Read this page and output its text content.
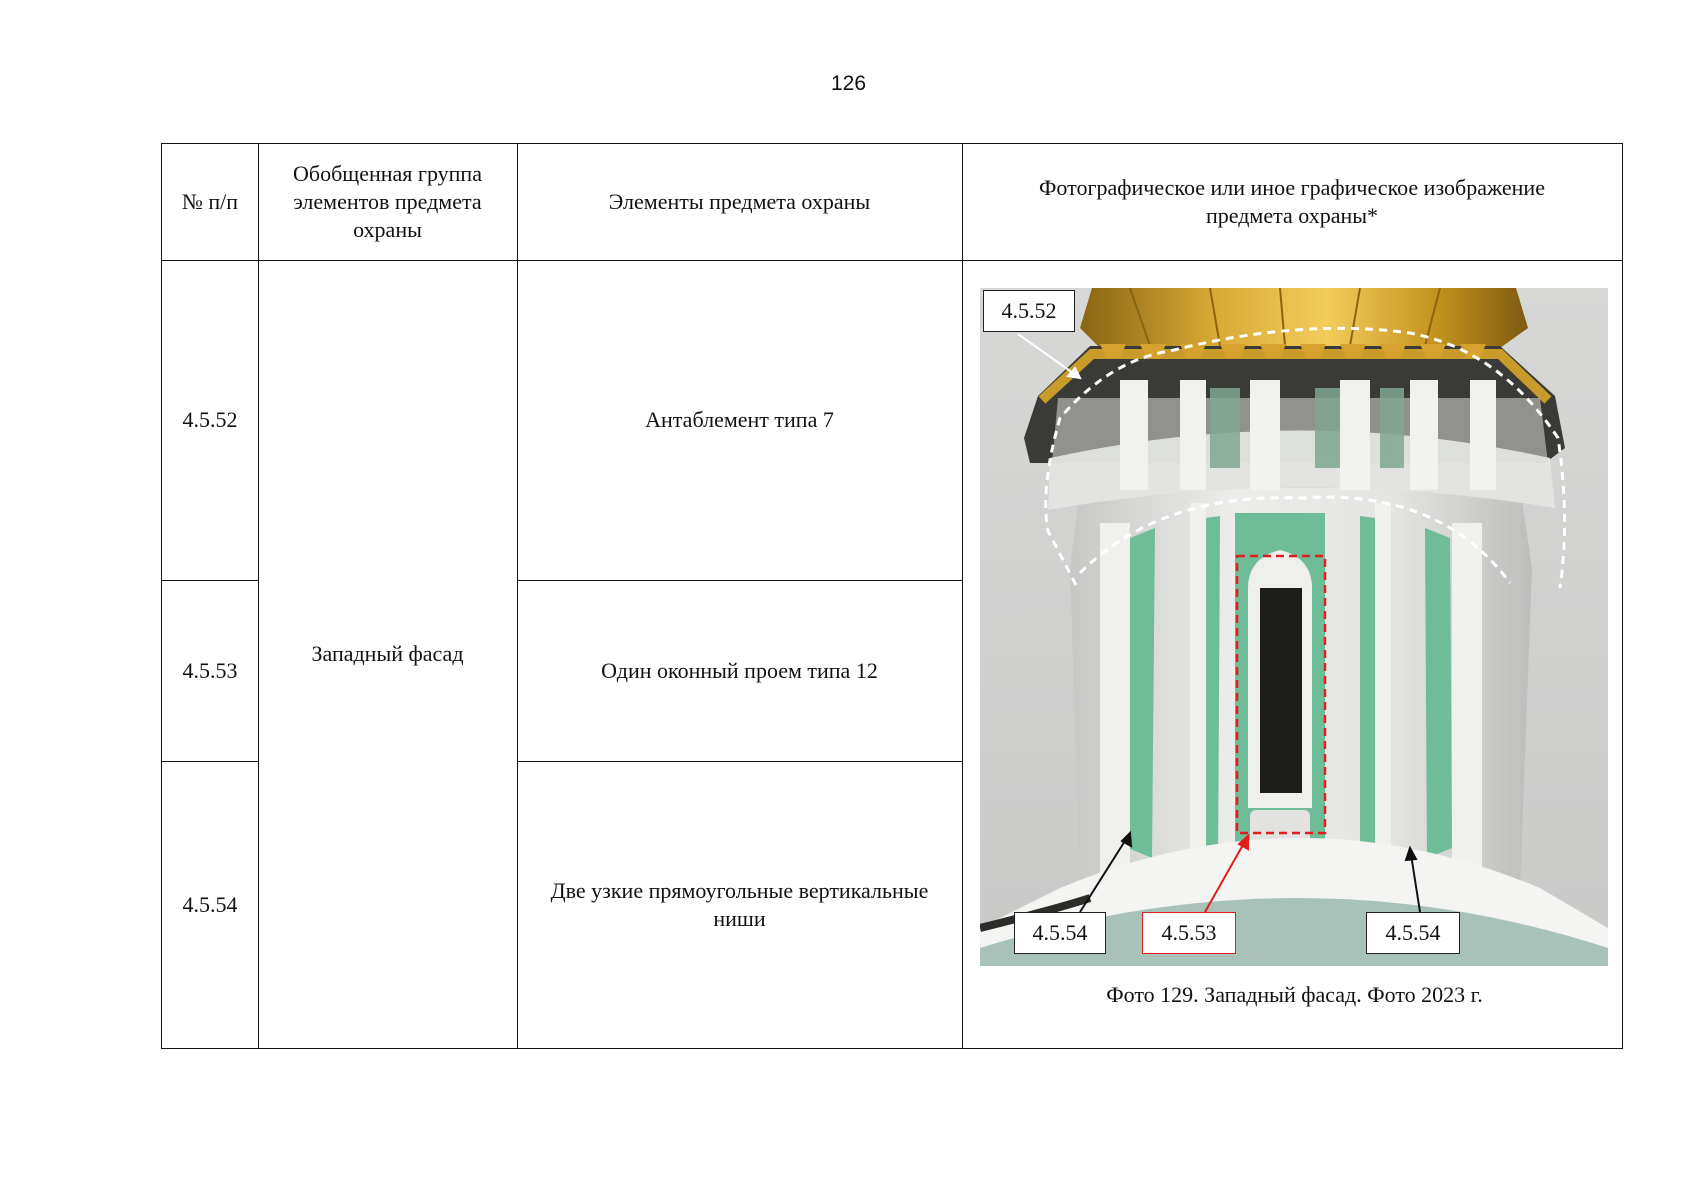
126
№ п/п
Обобщенная группа элементов предмета охраны
Элементы предмета охраны
Фотографическое или иное графическое изображение предмета охраны*
4.5.52
4.5.53
4.5.54
Западный фасад
Антаблемент типа 7
Один оконный проем типа 12
Две узкие прямоугольные вертикальные ниши
4.5.52
4.5.54	4.5.53	4.5.54
Фото 129. Западный фасад. Фото 2023 г.
